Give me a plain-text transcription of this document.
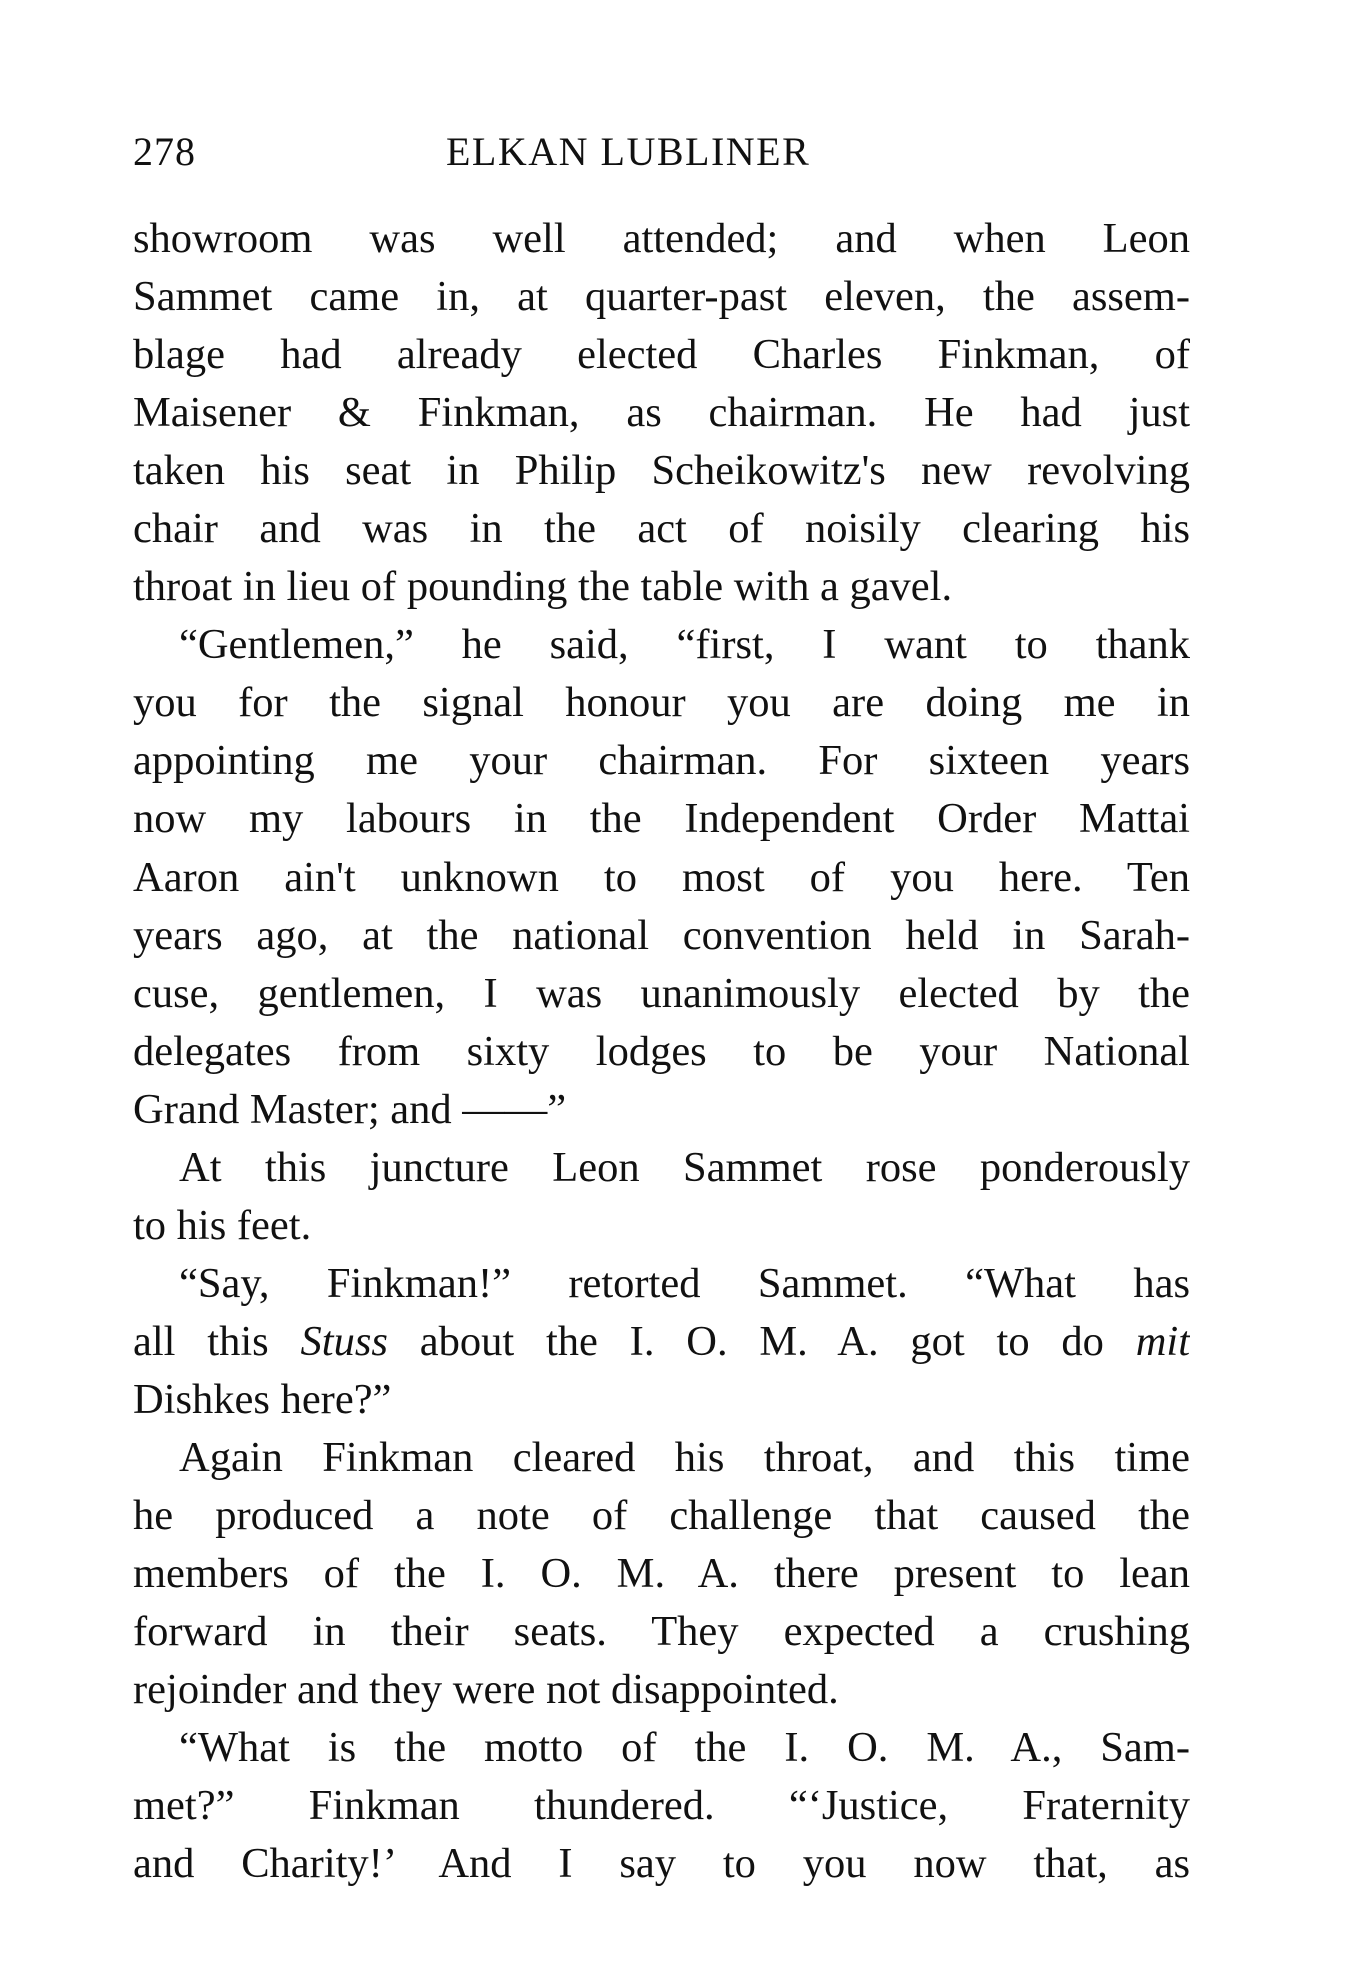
278	ELKAN LUBLINER
showroom was well attended; and when Leon
Sammet came in, at quarter-past eleven, the assem-
blage had already elected Charles Finkman, of
Maisener & Finkman, as chairman. He had just
taken his seat in Philip Scheikowitz's new revolving
chair and was in the act of noisily clearing his
throat in lieu of pounding the table with a gavel.
“Gentlemen,” he said, “first, I want to thank
you for the signal honour you are doing me in
appointing me your chairman. For sixteen years
now my labours in the Independent Order Mattai
Aaron ain't unknown to most of you here. Ten
years ago, at the national convention held in Sarah-
cuse, gentlemen, I was unanimously elected by the
delegates from sixty lodges to be your National
Grand Master; and ——”
At this juncture Leon Sammet rose ponderously
to his feet.
“Say, Finkman!” retorted Sammet. “What has
all this Stuss about the I. O. M. A. got to do mit
Dishkes here?”
Again Finkman cleared his throat, and this time
he produced a note of challenge that caused the
members of the I. O. M. A. there present to lean
forward in their seats. They expected a crushing
rejoinder and they were not disappointed.
“What is the motto of the I. O. M. A., Sam-
met?” Finkman thundered. “‘Justice, Fraternity
and Charity!’ And I say to you now that, as
